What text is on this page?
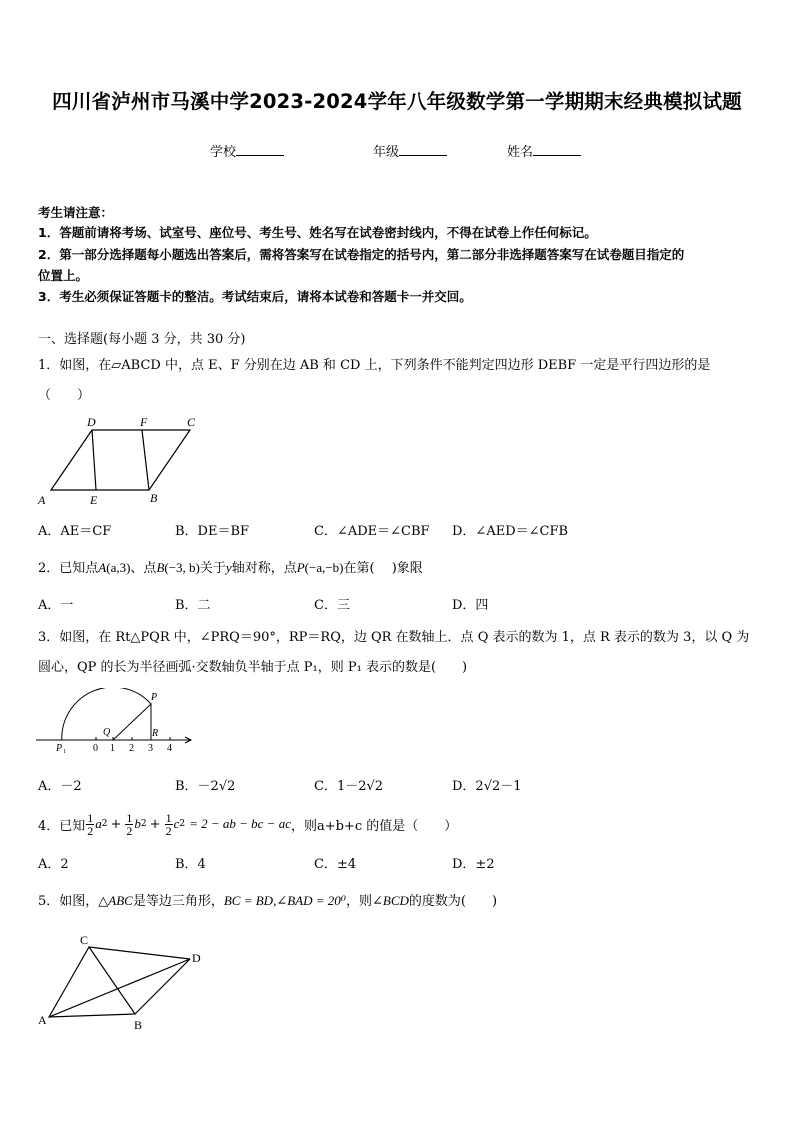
四川省泸州市马溪中学2023-2024学年八年级数学第一学期期末经典模拟试题
学校	年级	姓名
考生请注意：
1．答题前请将考场、试室号、座位号、考生号、姓名写在试卷密封线内，不得在试卷上作任何标记。
2．第一部分选择题每小题选出答案后，需将答案写在试卷指定的括号内，第二部分非选择题答案写在试卷题目指定的
位置上。
3．考生必须保证答题卡的整洁。考试结束后，请将本试卷和答题卡一并交回。
一、选择题(每小题 3 分，共 30 分)
1．如图，在▱ABCD 中，点 E、F 分别在边 AB 和 CD 上，下列条件不能判定四边形 DEBF 一定是平行四边形的是
（　　）
D	F	C
A	E	B
A．AE＝CF	B．DE＝BF	C．∠ADE＝∠CBF D．∠AED＝∠CFB
2．已知点A(a,3)、点B(−3, b)关于y轴对称，点P(−a,−b)在第(　 )象限
A．一	B．二	C．三	D．四
3．如图，在 Rt△PQR 中，∠PRQ＝90°，RP＝RQ，边 QR 在数轴上．点 Q 表示的数为 1，点 R 表示的数为 3，以 Q 为
圆心，QP 的长为半径画弧·交数轴负半轴于点 P₁，则 P₁ 表示的数是(　　)
P
Q	R
P 1	0 1 2 3 4
A．－2	B．－2√2	C．1－2√2	D．2√2－1
4．已知 $\frac{1}{2}$ a $2 + \frac{1}{2}$ b $2 + \frac{1}{2}$ c 2 = 2 − ab − bc − ac ，则a+b+c 的值是（　　）
A．2	B．4	C．±4	D．±2
5．如图，△ABC是等边三角形，BC = BD,∠BAD = 20⁰，则∠BCD的度数为(　　)
C
D
A	B
